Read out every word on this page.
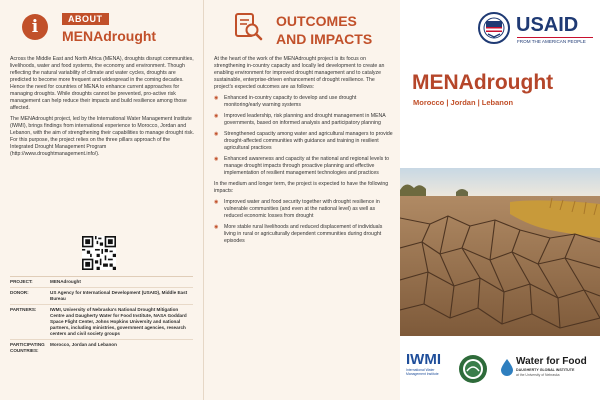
i	ABOUT
MENAdrought

Across the Middle East and North Africa (MENA), droughts disrupt communities, livelihoods, water and food systems, the economy and environment. Though reflecting the natural variability of climate and water cycles, droughts are predicted to become more frequent and widespread in the coming decades. Hence the need for countries of MENA to enhance current approaches for managing droughts. While droughts cannot be prevented, pro-active risk management can help reduce their impacts and build resilience among those affected.

The MENAdrought project, led by the International Water Management Institute (IWMI), brings findings from international experience to Morocco, Jordan and Lebanon, with the aim of strengthening their capabilities to manage drought risk. For this purpose, the project relies on the three pillars approach of the Integrated Drought Management Program (http://www.droughtmanagement.info/).

PROJECT:	MENAdrought
DONOR:	US Agency for International Development (USAID), Middle East Bureau
PARTNERS:	IWMI, University of Nebraska's National Drought Mitigation Centre and Daugherty Water for Food Institute, NASA Goddard Space Flight Center, Johns Hopkins University and national partners, including ministries, government agencies, research centers and civil society groups
PARTICIPATING COUNTRIES:
Morocco, Jordan and Lebanon
OUTCOMES
AND IMPACTS

At the heart of the work of the MENAdrought project is its focus on strengthening in-country capacity and locally led development to create an enabling environment for improved drought management and to catalyze sustainable, enterprise-driven enhancement of drought resilience. The project's expected outcomes are as follows:

◉ Enhanced in-country capacity to develop and use drought monitoring/early warning systems
◉ Improved leadership, risk planning and drought management in MENA governments, based on informed analysis and participatory planning
◉ Strengthened capacity among water and agricultural managers to provide drought-affected communities with guidance and training in resilient agricultural practices
◉ Enhanced awareness and capacity at the national and regional levels to manage drought impacts through proactive planning and effective implementation of resilient management technologies and practices

In the medium and longer term, the project is expected to have the following impacts:

◉ Improved water and food security together with drought resilience in vulnerable communities (and even at the national level) as well as reduced economic losses from drought
◉ More stable rural livelihoods and reduced displacement of individuals living in rural or agriculturally dependent communities during drought episodes
USAID
FROM THE AMERICAN PEOPLE
MENAdrought
Morocco | Jordan | Lebanon
IWMI
International Water Management Institute
Water for Food
DAUGHERTY GLOBAL INSTITUTE
at the University of Nebraska
